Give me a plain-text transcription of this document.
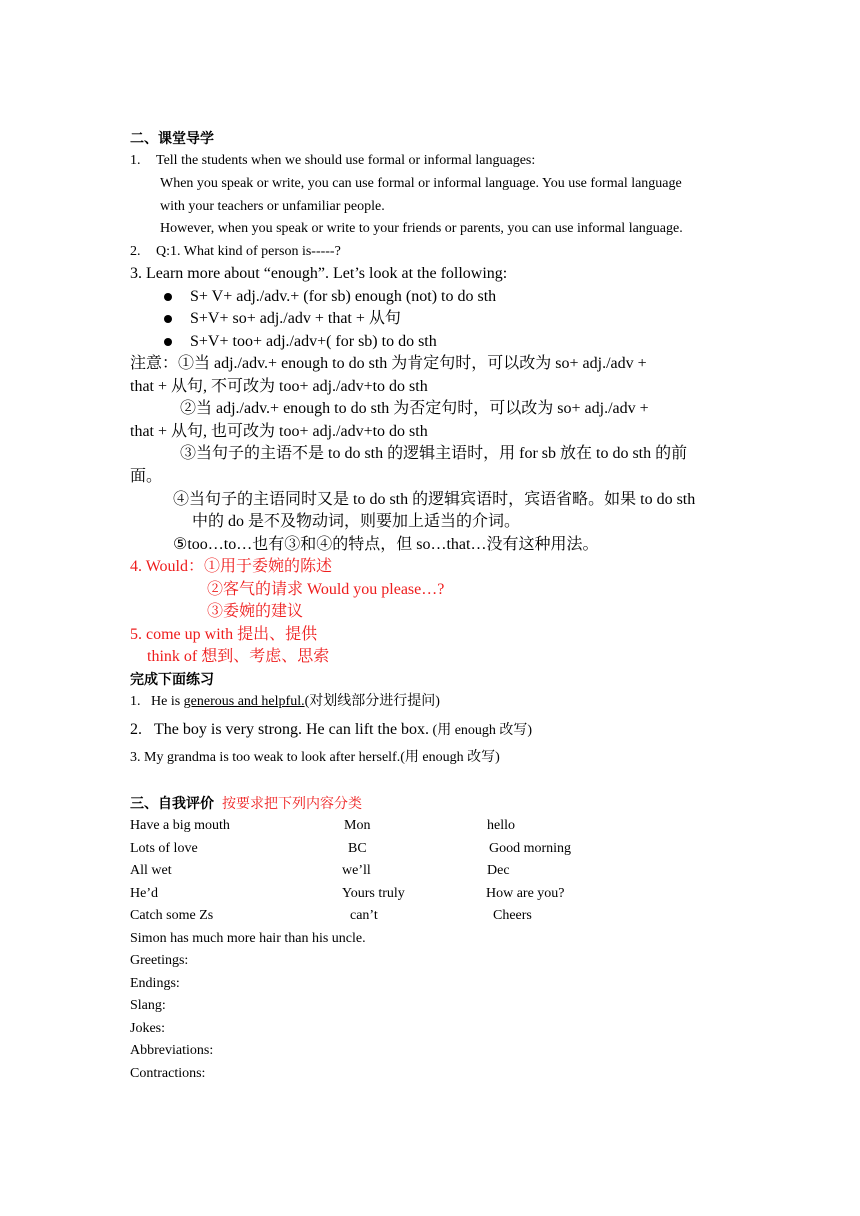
二、课堂导学
1. Tell the students when we should use formal or informal languages:
When you speak or write, you can use formal or informal language. You use formal language
with your teachers or unfamiliar people.
However, when you speak or write to your friends or parents, you can use informal language.
2. Q:1. What kind of person is-----?
3. Learn more about “enough”. Let’s look at the following:
S+ V+ adj./adv.+ (for sb) enough (not) to do sth
S+V+ so+ adj./adv + that + 从句
S+V+ too+ adj./adv+( for sb) to do sth
注意：①当 adj./adv.+ enough to do sth 为肯定句时，可以改为 so+ adj./adv +
that + 从句, 不可改为 too+ adj./adv+to do sth
②当 adj./adv.+ enough to do sth 为否定句时，可以改为 so+ adj./adv +
that + 从句, 也可改为 too+ adj./adv+to do sth
③当句子的主语不是 to do sth 的逻辑主语时，用 for sb 放在 to do sth 的前
面。
④当句子的主语同时又是 to do sth 的逻辑宾语时，宾语省略。如果 to do sth
中的 do 是不及物动词，则要加上适当的介词。
⑤too…to…也有③和④的特点，但 so…that…没有这种用法。
4. Would：①用于委婉的陈述
②客气的请求 Would you please…?
③委婉的建议
5. come up with 提出、提供
think of 想到、考虑、思索
完成下面练习
1. He is generous and helpful.(对划线部分进行提问)
2. The boy is very strong. He can lift the box. (用 enough 改写)
3. My grandma is too weak to look after herself.(用 enough 改写)
三、自我评价 按要求把下列内容分类
Have a big mouth	Mon	hello
Lots of love	BC	Good morning
All wet	we’ll	Dec
He’d	Yours truly	How are you?
Catch some Zs	can’t	Cheers
Simon has much more hair than his uncle.
Greetings:
Endings:
Slang:
Jokes:
Abbreviations:
Contractions:
